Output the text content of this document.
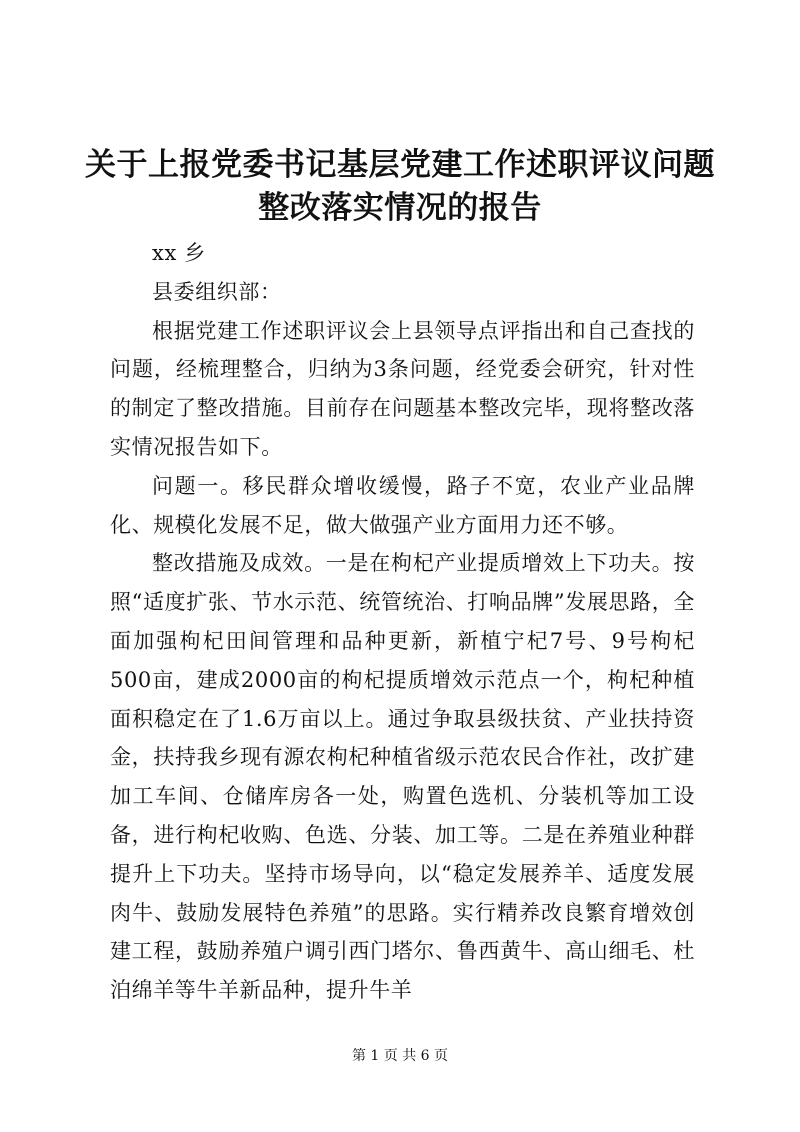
关于上报党委书记基层党建工作述职评议问题
整改落实情况的报告

xx 乡

县委组织部：

根据党建工作述职评议会上县领导点评指出和自己查找的问题，经梳理整合，归纳为3条问题，经党委会研究，针对性的制定了整改措施。目前存在问题基本整改完毕，现将整改落实情况报告如下。

问题一。移民群众增收缓慢，路子不宽，农业产业品牌化、规模化发展不足，做大做强产业方面用力还不够。

整改措施及成效。一是在枸杞产业提质增效上下功夫。按照“适度扩张、节水示范、统管统治、打响品牌”发展思路，全面加强枸杞田间管理和品种更新，新植宁杞7号、9号枸杞500亩，建成2000亩的枸杞提质增效示范点一个，枸杞种植面积稳定在了1.6万亩以上。通过争取县级扶贫、产业扶持资金，扶持我乡现有源农枸杞种植省级示范农民合作社，改扩建加工车间、仓储库房各一处，购置色选机、分装机等加工设备，进行枸杞收购、色选、分装、加工等。二是在养殖业种群提升上下功夫。坚持市场导向，以“稳定发展养羊、适度发展肉牛、鼓励发展特色养殖”的思路。实行精养改良繁育增效创建工程，鼓励养殖户调引西门塔尔、鲁西黄牛、高山细毛、杜泊绵羊等牛羊新品种，提升牛羊

第 1 页 共 6 页
